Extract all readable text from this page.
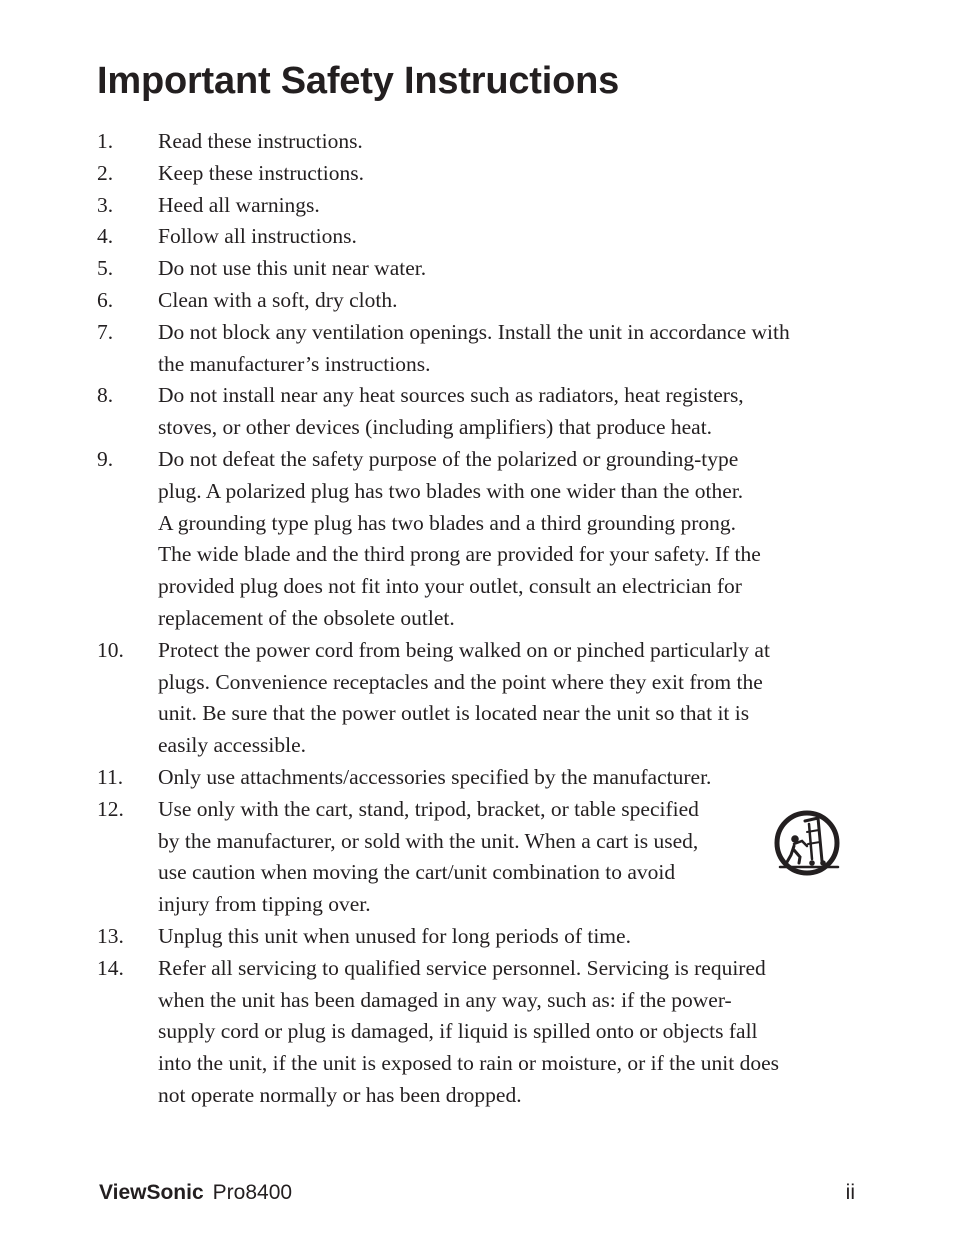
Important Safety Instructions
1.	Read these instructions.
2.	Keep these instructions.
3.	Heed all warnings.
4.	Follow all instructions.
5.	Do not use this unit near water.
6.	Clean with a soft, dry cloth.
7.	Do not block any ventilation openings. Install the unit in accordance with
the manufacturer’s instructions.
8.	Do not install near any heat sources such as radiators, heat registers,
stoves, or other devices (including amplifiers) that produce heat.
9.	Do not defeat the safety purpose of the polarized or grounding-type
plug. A polarized plug has two blades with one wider than the other.
A grounding type plug has two blades and a third grounding prong.
The wide blade and the third prong are provided for your safety. If the
provided plug does not fit into your outlet, consult an electrician for
replacement of the obsolete outlet.
10.	Protect the power cord from being walked on or pinched particularly at
plugs. Convenience receptacles and the point where they exit from the
unit. Be sure that the power outlet is located near the unit so that it is
easily accessible.
11.	Only use attachments/accessories specified by the manufacturer.
12.	Use only with the cart, stand, tripod, bracket, or table specified
by the manufacturer, or sold with the unit. When a cart is used,
use caution when moving the cart/unit combination to avoid
injury from tipping over.
13.	Unplug this unit when unused for long periods of time.
14.	Refer all servicing to qualified service personnel. Servicing is required
when the unit has been damaged in any way, such as: if the power-
supply cord or plug is damaged, if liquid is spilled onto or objects fall
into the unit, if the unit is exposed to rain or moisture, or if the unit does
not operate normally or has been dropped.
ViewSonic Pro8400	ii
